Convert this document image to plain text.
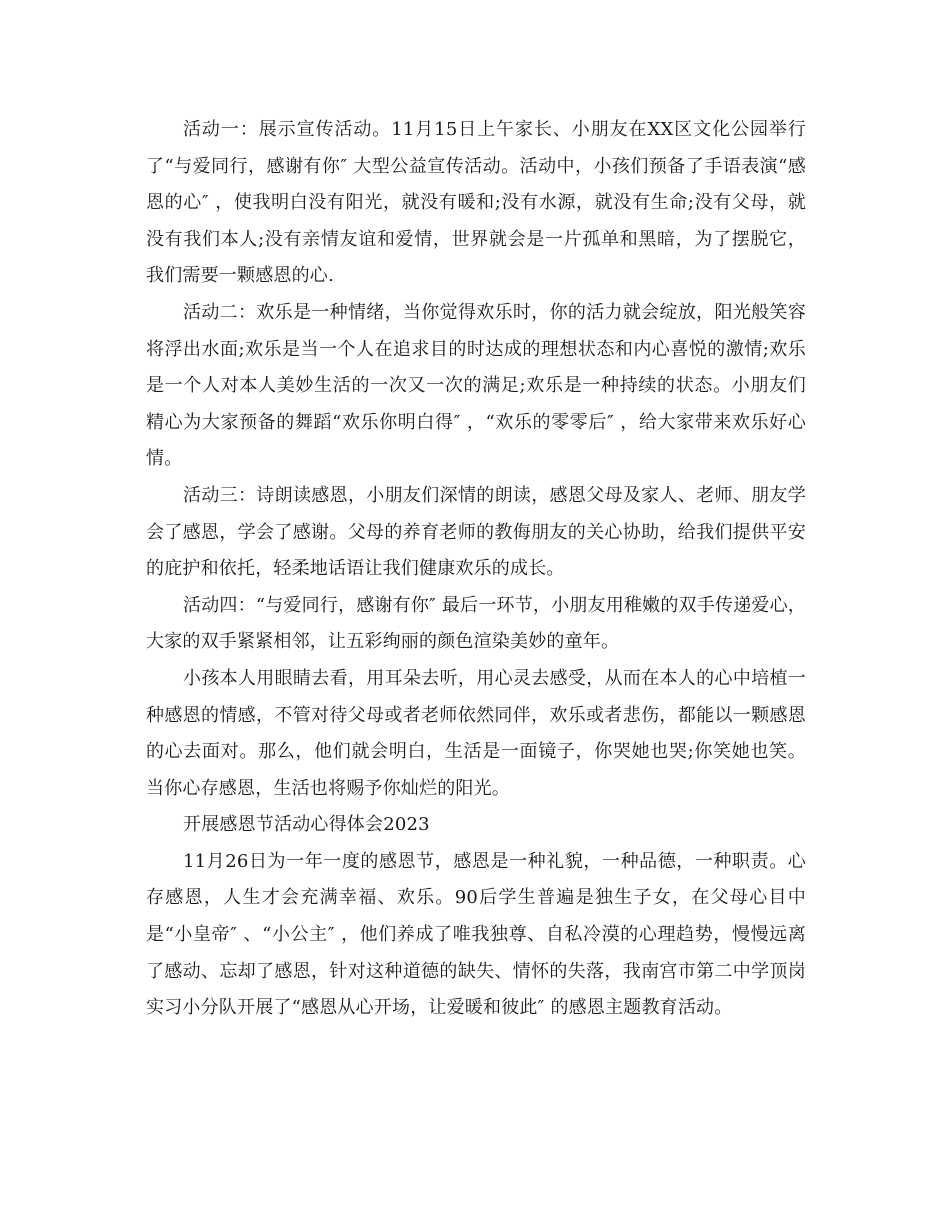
活动一：展示宣传活动。11月15日上午家长、小朋友在XX区文化公园举行了“与爱同行，感谢有你″ 大型公益宣传活动。活动中，小孩们预备了手语表演“感恩的心″ ，使我明白没有阳光，就没有暖和;没有水源，就没有生命;没有父母，就没有我们本人;没有亲情友谊和爱情，世界就会是一片孤单和黑暗，为了摆脱它，我们需要一颗感恩的心.

活动二：欢乐是一种情绪，当你觉得欢乐时，你的活力就会绽放，阳光般笑容将浮出水面;欢乐是当一个人在追求目的时达成的理想状态和内心喜悦的激情;欢乐是一个人对本人美妙生活的一次又一次的满足;欢乐是一种持续的状态。小朋友们精心为大家预备的舞蹈“欢乐你明白得″ ，“欢乐的零零后″ ，给大家带来欢乐好心情。

活动三：诗朗读感恩，小朋友们深情的朗读，感恩父母及家人、老师、朋友学会了感恩，学会了感谢。父母的养育老师的教侮朋友的关心协助，给我们提供平安的庇护和依托，轻柔地话语让我们健康欢乐的成长。

活动四：“与爱同行，感谢有你″ 最后一环节，小朋友用稚嫩的双手传递爱心，大家的双手紧紧相邻，让五彩绚丽的颜色渲染美妙的童年。

小孩本人用眼睛去看，用耳朵去听，用心灵去感受，从而在本人的心中培植一种感恩的情感，不管对待父母或者老师依然同伴，欢乐或者悲伤，都能以一颗感恩的心去面对。那么，他们就会明白，生活是一面镜子，你哭她也哭;你笑她也笑。当你心存感恩，生活也将赐予你灿烂的阳光。

开展感恩节活动心得体会2023

11月26日为一年一度的感恩节，感恩是一种礼貌，一种品德，一种职责。心存感恩，人生才会充满幸福、欢乐。90后学生普遍是独生子女，在父母心目中是“小皇帝″ 、“小公主″ ，他们养成了唯我独尊、自私冷漠的心理趋势，慢慢远离了感动、忘却了感恩，针对这种道德的缺失、情怀的失落，我南宫市第二中学顶岗实习小分队开展了“感恩从心开场，让爱暖和彼此″ 的感恩主题教育活动。
